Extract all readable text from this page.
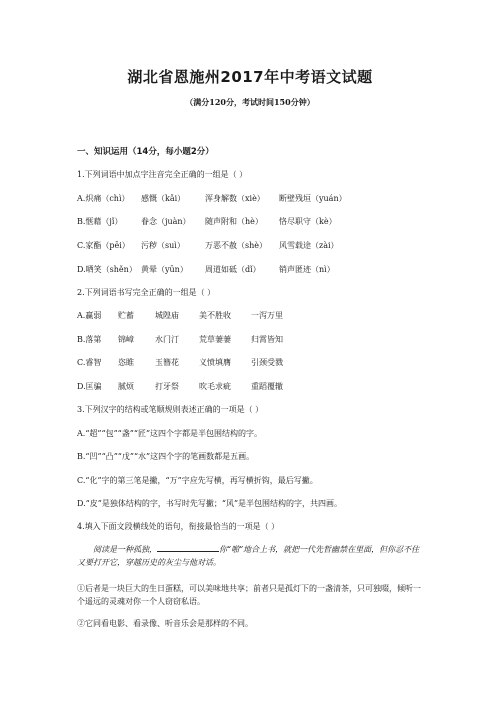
湖北省恩施州2017年中考语文试题
（满分120分，考试时间150分钟）
一、知识运用（14分，每小题2分）
1.下列词语中加点字注音完全正确的一组是（ ）
A.炽痛（chì） 感慨（kǎi） 浑身解数（xiè） 断壁残垣（yuán）
B.惬藉（jǐ） 眷念（juàn） 随声附和（hè） 恪尽职守（kè）
C.家酯（pēi） 污秽（suì）	万恶不赦（shè） 风雪载途（zài）
D.哂笑（shěn） 黄晕（yūn） 周道如砥（dǐ） 销声匿迹（nì）
2.下列词语书写完全正确的一组是（ ）
A.赢弱 贮蓄	城隍庙	美不胜收	一泻万里
B.落第 锦嶂	水门汀	荒草萋萋	归霄皆知
C.睿智 恣睢	玉簪花	义愤填膺	引颈受戮
D.匡骗 腻烦	打牙祭	吹毛求疵	重蹈覆辙
3.下列汉字的结构或笔顺规则表述正确的一项是（ ）
A.“超”“包”“盏”“匠”这四个字都是半包围结构的字。
B.“凹”“凸”“戊”“水”这四个字的笔画数都是五画。
C.“化”字的第三笔是撇，“万”字应先写横，再写横折钩，最后写撇。
D.“皮”是独体结构的字，书写时先写撇；“风”是半包围结构的字，共四画。
4.填入下面文段横线处的语句，衔接最恰当的一项是（ ）
阅读是一种孤独，	你“啪”地合上书，就把一代先哲幽禁在里面，但你忍不住又要打开它，穿越历史的灰尘与他对话。
①后者是一块巨大的生日蛋糕，可以美味地共享；前者只是孤灯下的一盏清茶，只可独啜，倾听一个遥远的灵魂对你一个人窃窃私语。
②它同看电影、看录像、听音乐会是那样的不同。
